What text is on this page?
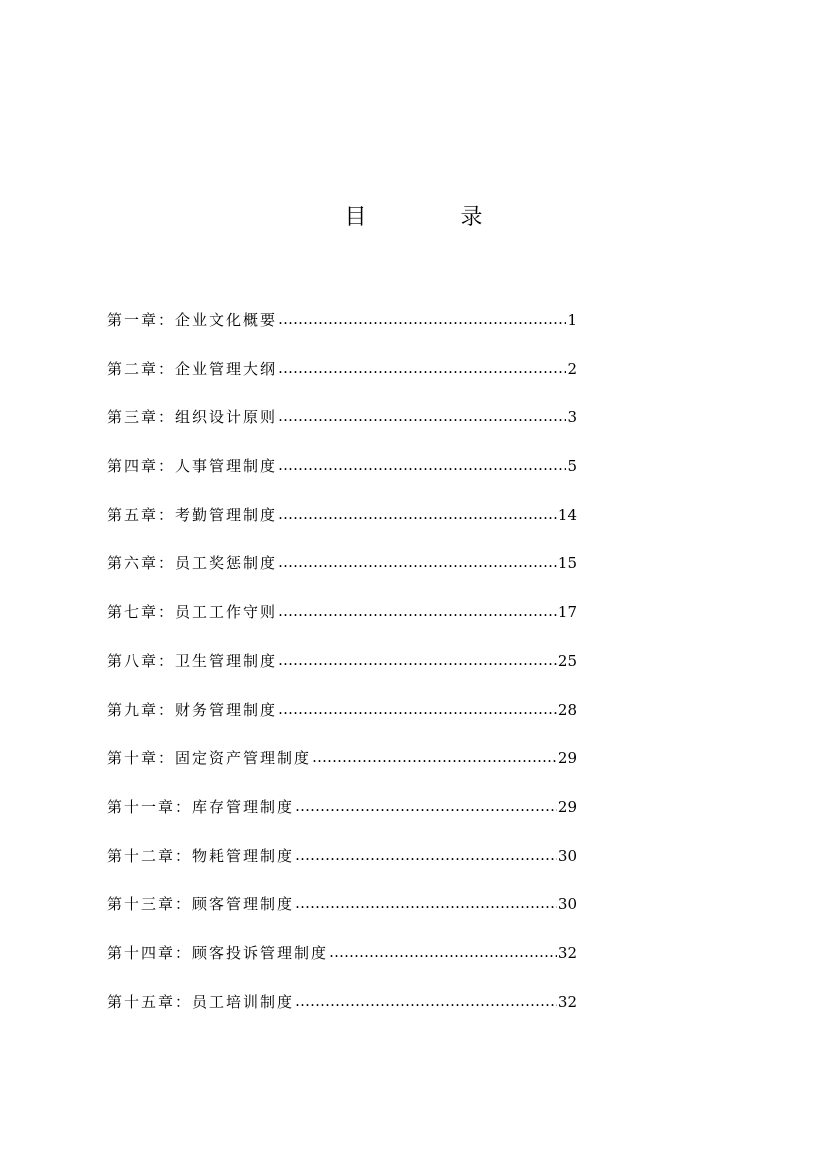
目　录
第一章：企业文化概要 ……………………………………………………………………………………………………………………	1
第二章：企业管理大纲 ……………………………………………………………………………………………………………………	2
第三章：组织设计原则 ……………………………………………………………………………………………………………………	3
第四章：人事管理制度 ……………………………………………………………………………………………………………………	5
第五章：考勤管理制度 ……………………………………………………………………………………………………………………	14
第六章：员工奖惩制度 ……………………………………………………………………………………………………………………	15
第七章：员工工作守则 ……………………………………………………………………………………………………………………	17
第八章：卫生管理制度 ……………………………………………………………………………………………………………………	25
第九章：财务管理制度 ……………………………………………………………………………………………………………………	28
第十章：固定资产管理制度 ……………………………………………………………………………………………………………………	29
第十一章：库存管理制度 ……………………………………………………………………………………………………………………	29
第十二章：物耗管理制度 ……………………………………………………………………………………………………………………	30
第十三章：顾客管理制度 ……………………………………………………………………………………………………………………	30
第十四章：顾客投诉管理制度 ……………………………………………………………………………………………………………………	32
第十五章：员工培训制度 ……………………………………………………………………………………………………………………	32
